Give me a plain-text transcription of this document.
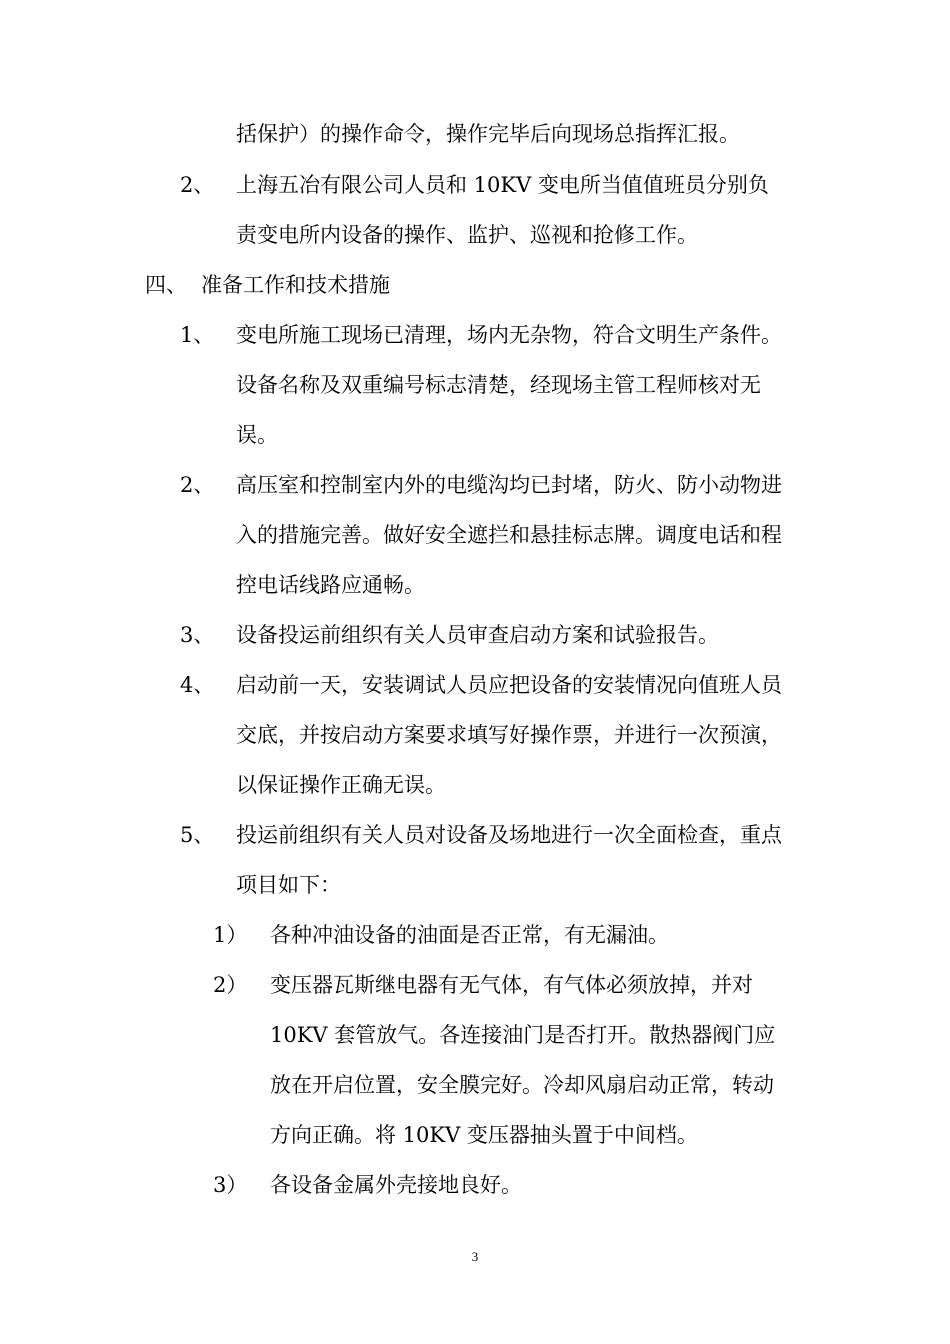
括保护）的操作命令，操作完毕后向现场总指挥汇报。
2、 上海五冶有限公司人员和 10KV 变电所当值值班员分别负
责变电所内设备的操作、监护、巡视和抢修工作。
四、 准备工作和技术措施
1、 变电所施工现场已清理，场内无杂物，符合文明生产条件。
设备名称及双重编号标志清楚，经现场主管工程师核对无
误。
2、 高压室和控制室内外的电缆沟均已封堵，防火、防小动物进
入的措施完善。做好安全遮拦和悬挂标志牌。调度电话和程
控电话线路应通畅。
3、 设备投运前组织有关人员审查启动方案和试验报告。
4、 启动前一天，安装调试人员应把设备的安装情况向值班人员
交底，并按启动方案要求填写好操作票，并进行一次预演，
以保证操作正确无误。
5、 投运前组织有关人员对设备及场地进行一次全面检查，重点
项目如下：
1） 各种冲油设备的油面是否正常，有无漏油。
2） 变压器瓦斯继电器有无气体，有气体必须放掉，并对
10KV 套管放气。各连接油门是否打开。散热器阀门应
放在开启位置，安全膜完好。冷却风扇启动正常，转动
方向正确。将 10KV 变压器抽头置于中间档。
3） 各设备金属外壳接地良好。
3
